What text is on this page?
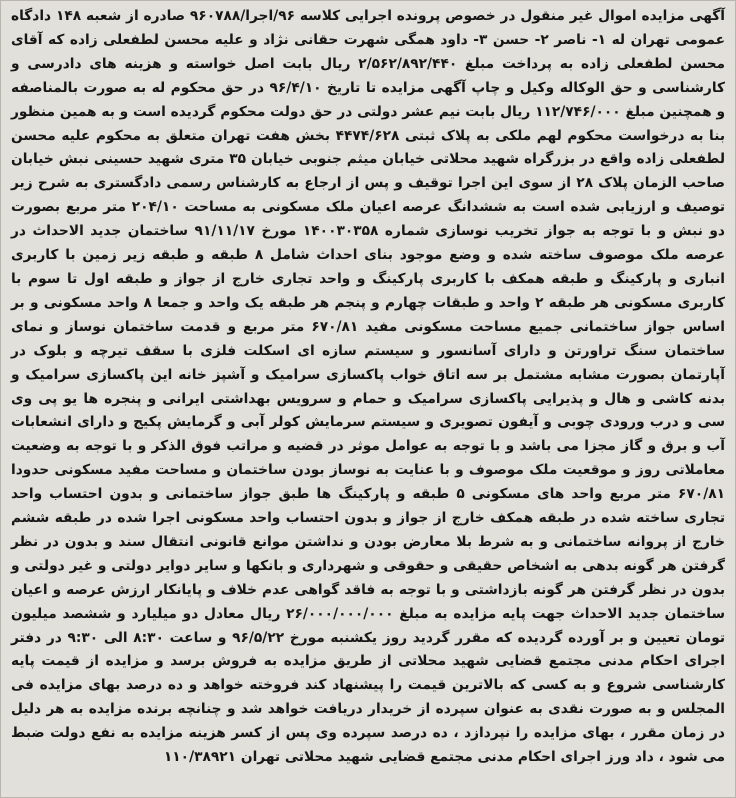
آگهی مزایده اموال غیر منقول در خصوص پرونده اجرایی کلاسه ۹۶/اجرا/۹۶۰۷۸۸ صادره از شعبه ۱۴۸ دادگاه عمومی تهران له ۱- ناصر ۲- حسن ۳- داود همگی شهرت حقانی نژاد و علیه محسن لطفعلی زاده که آقای محسن لطفعلی زاده به پرداخت مبلغ ۲/۵۶۲/۸۹۲/۴۴۰ ریال بابت اصل خواسته و هزینه های دادرسی و کارشناسی و حق الوکاله وکیل و چاپ آگهی مزایده تا تاریخ ۹۶/۴/۱۰ در حق محکوم له به صورت بالمناصفه و همچنین مبلغ ۱۱۲/۷۴۶/۰۰۰ ریال بابت نیم عشر دولتی در حق دولت محکوم گردیده است و به همین منظور بنا به درخواست محکوم لهم ملکی به پلاک ثبتی ۴۴۷۴/۶۲۸ بخش هفت تهران متعلق به محکوم علیه محسن لطفعلی زاده واقع در بزرگراه شهید محلاتی خیابان میثم جنوبی خیابان ۳۵ متری شهید حسینی نبش خیابان صاحب الزمان پلاک ۲۸ از سوی این اجرا توقیف و پس از ارجاع به کارشناس رسمی دادگستری به شرح زیر توصیف و ارزیابی شده است به ششدانگ عرصه اعیان ملک مسکونی به مساحت ۲۰۴/۱۰ متر مربع بصورت دو نبش و با توجه به جواز تخریب نوسازی شماره ۱۴۰۰۳۰۳۵۸ مورخ ۹۱/۱۱/۱۷ ساختمان جدید الاحداث در عرصه ملک موصوف ساخته شده و وضع موجود بنای احداث شامل ۸ طبقه و طبقه زیر زمین با کاربری انباری و پارکینگ و طبقه همکف با کاربری پارکینگ و واحد تجاری خارج از جواز و طبقه اول تا سوم با کاربری مسکونی هر طبقه ۲ واحد و طبقات چهارم و پنجم هر طبقه یک واحد و جمعا ۸ واحد مسکونی و بر اساس جواز ساختمانی جمیع مساحت مسکونی مفید ۶۷۰/۸۱ متر مربع و قدمت ساختمان نوساز و نمای ساختمان سنگ تراورتن و دارای آسانسور و سیستم سازه ای اسکلت فلزی با سقف تیرچه و بلوک در آپارتمان بصورت مشابه مشتمل بر سه اتاق خواب پاکسازی سرامیک و آشپز خانه این پاکسازی سرامیک و بدنه کاشی و هال و پذیرایی پاکسازی سرامیک و حمام و سرویس بهداشتی ایرانی و پنجره ها یو پی وی سی و درب ورودی چوبی و آیفون تصویری و سیستم سرمایش کولر آبی و گرمایش پکیج و دارای انشعابات آب و برق و گاز مجزا می باشد و با توجه به عوامل موثر در قضیه و مراتب فوق الذکر و با توجه به وضعیت معاملاتی روز و موقعیت ملک موصوف و با عنایت به نوساز بودن ساختمان و مساحت مفید مسکونی حدودا ۶۷۰/۸۱ متر مربع واحد های مسکونی ۵ طبقه و پارکینگ ها طبق جواز ساختمانی و بدون احتساب واحد تجاری ساخته شده در طبقه همکف خارج از جواز و بدون احتساب واحد مسکونی اجرا شده در طبقه ششم خارج از پروانه ساختمانی و به شرط بلا معارض بودن و نداشتن موانع قانونی انتقال سند و بدون در نظر گرفتن هر گونه بدهی به اشخاص حقیقی و حقوقی و شهرداری و بانکها و سایر دوایر دولتی و غیر دولتی و بدون در نظر گرفتن هر گونه بازداشتی و با توجه به فاقد گواهی عدم خلاف و پایانکار ارزش عرصه و اعیان ساختمان جدید الاحداث جهت پایه مزایده به مبلغ ۲۶/۰۰۰/۰۰۰/۰۰۰ ریال معادل دو میلیارد و ششصد میلیون تومان تعیین و بر آورده گردیده که مقرر گردید روز یکشنبه مورخ ۹۶/۵/۲۲ و ساعت ۸:۳۰ الی ۹:۳۰ در دفتر اجرای احکام مدنی مجتمع قضایی شهید محلاتی از طریق مزایده به فروش برسد و مزایده از قیمت پایه کارشناسی شروع و به کسی که بالاترین قیمت را پیشنهاد کند فروخته خواهد و ده درصد بهای مزایده فی المجلس و به صورت نقدی به عنوان سپرده از خریدار دریافت خواهد شد و چنانچه برنده مزایده به هر دلیل در زمان مقرر ، بهای مزایده را نپردازد ، ده درصد سپرده وی پس از کسر هزینه مزایده به نفع دولت ضبط می شود ، داد ورز اجرای احکام مدنی مجتمع قضایی شهید محلاتی تهران ۱۱۰/۳۸۹۲۱
